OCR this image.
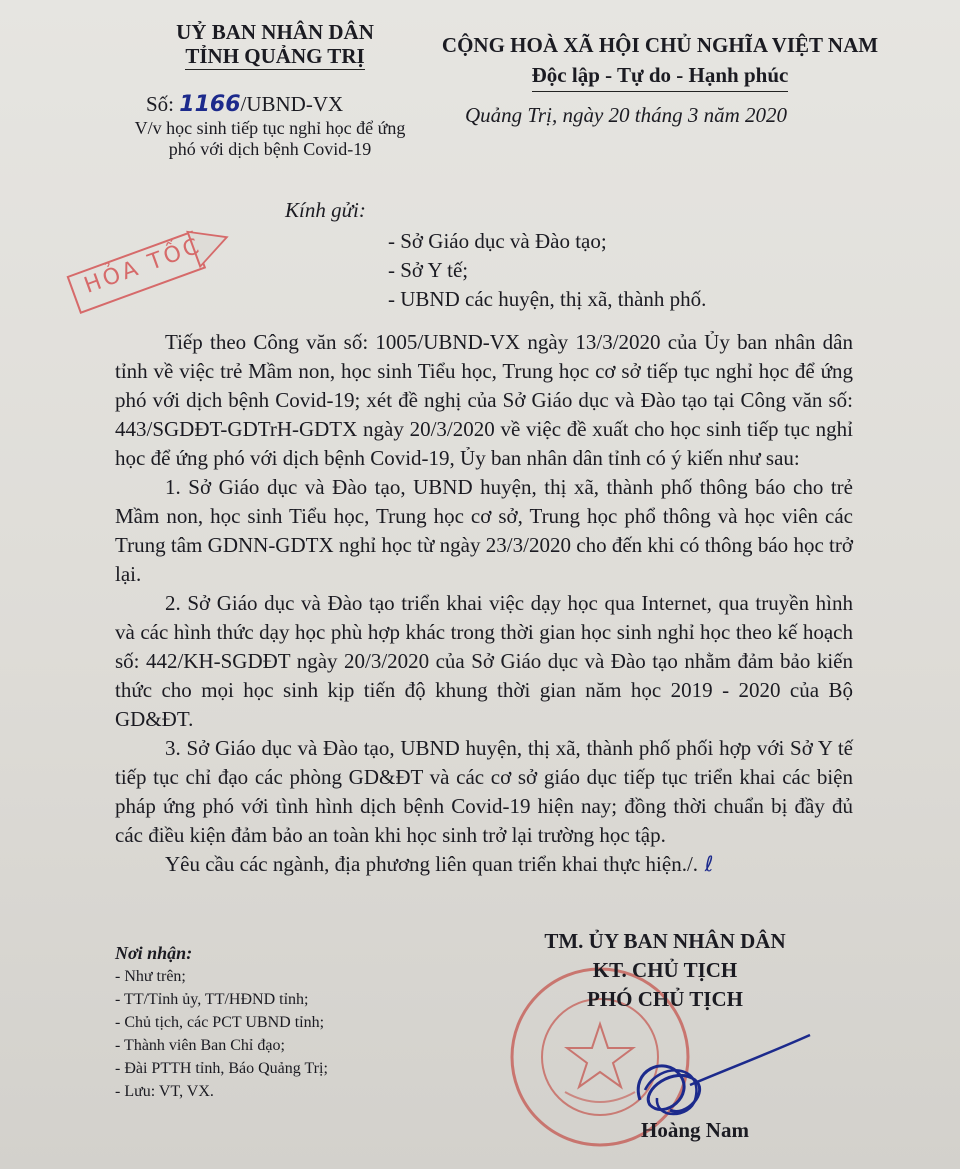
UỶ BAN NHÂN DÂN
TỈNH QUẢNG TRỊ	CỘNG HOÀ XÃ HỘI CHỦ NGHĨA VIỆT NAM
Độc lập - Tự do - Hạnh phúc
Số: 1166/UBND-VX
V/v học sinh tiếp tục nghỉ học để ứng
phó với dịch bệnh Covid-19
Quảng Trị, ngày 20 tháng 3 năm 2020
HỎA TỐC
Kính gửi:
- Sở Giáo dục và Đào tạo;
- Sở Y tế;
- UBND các huyện, thị xã, thành phố.

Tiếp theo Công văn số: 1005/UBND-VX ngày 13/3/2020 của Ủy ban nhân dân tỉnh về việc trẻ Mầm non, học sinh Tiểu học, Trung học cơ sở tiếp tục nghỉ học để ứng phó với dịch bệnh Covid-19; xét đề nghị của Sở Giáo dục và Đào tạo tại Công văn số: 443/SGDĐT-GDTrH-GDTX ngày 20/3/2020 về việc đề xuất cho học sinh tiếp tục nghỉ học để ứng phó với dịch bệnh Covid-19, Ủy ban nhân dân tỉnh có ý kiến như sau:

1. Sở Giáo dục và Đào tạo, UBND huyện, thị xã, thành phố thông báo cho trẻ Mầm non, học sinh Tiểu học, Trung học cơ sở, Trung học phổ thông và học viên các Trung tâm GDNN-GDTX nghỉ học từ ngày 23/3/2020 cho đến khi có thông báo học trở lại.

2. Sở Giáo dục và Đào tạo triển khai việc dạy học qua Internet, qua truyền hình và các hình thức dạy học phù hợp khác trong thời gian học sinh nghỉ học theo kế hoạch số: 442/KH-SGDĐT ngày 20/3/2020 của Sở Giáo dục và Đào tạo nhằm đảm bảo kiến thức cho mọi học sinh kịp tiến độ khung thời gian năm học 2019 - 2020 của Bộ GD&ĐT.

3. Sở Giáo dục và Đào tạo, UBND huyện, thị xã, thành phố phối hợp với Sở Y tế tiếp tục chỉ đạo các phòng GD&ĐT và các cơ sở giáo dục tiếp tục triển khai các biện pháp ứng phó với tình hình dịch bệnh Covid-19 hiện nay; đồng thời chuẩn bị đầy đủ các điều kiện đảm bảo an toàn khi học sinh trở lại trường học tập.

Yêu cầu các ngành, địa phương liên quan triển khai thực hiện./. ℓ

Nơi nhận:
- Như trên;
- TT/Tỉnh ủy, TT/HĐND tỉnh;
- Chủ tịch, các PCT UBND tỉnh;
- Thành viên Ban Chỉ đạo;
- Đài PTTH tỉnh, Báo Quảng Trị;
- Lưu: VT, VX.
TM. ỦY BAN NHÂN DÂN
KT. CHỦ TỊCH
PHÓ CHỦ TỊCH
Hoàng Nam
